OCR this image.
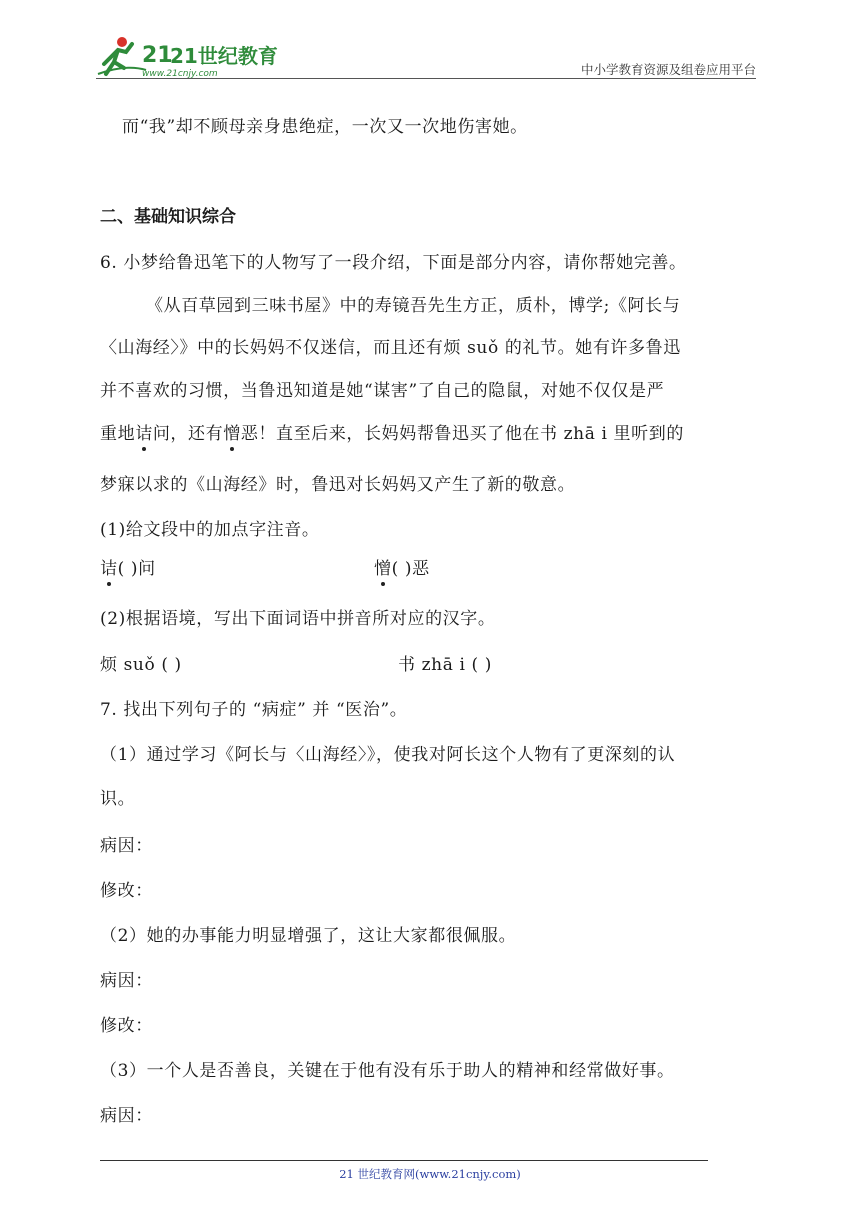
21
www.21cnjy.com
21世纪教育
中小学教育资源及组卷应用平台
而“我”却不顾母亲身患绝症，一次又一次地伤害她。
二、基础知识综合
6. 小梦给鲁迅笔下的人物写了一段介绍，下面是部分内容，请你帮她完善。
《从百草园到三味书屋》中的寿镜吾先生方正，质朴，博学;《阿长与
〈山海经〉》中的长妈妈不仅迷信，而且还有烦 suǒ 的礼节。她有许多鲁迅
并不喜欢的习惯，当鲁迅知道是她“谋害”了自己的隐鼠，对她不仅仅是严
重地诘问，还有憎恶！直至后来，长妈妈帮鲁迅买了他在书 zhā i 里听到的
梦寐以求的《山海经》时，鲁迅对长妈妈又产生了新的敬意。
(1)给文段中的加点字注音。
诘( )问	憎( )恶
(2)根据语境，写出下面词语中拼音所对应的汉字。
烦 suǒ ( )	书 zhā i ( )
7. 找出下列句子的 “病症” 并 “医治”。
（1）通过学习《阿长与〈山海经〉》，使我对阿长这个人物有了更深刻的认
识。
病因：
修改：
（2）她的办事能力明显增强了，这让大家都很佩服。
病因：
修改：
（3）一个人是否善良，关键在于他有没有乐于助人的精神和经常做好事。
病因：
21 世纪教育网(www.21cnjy.com)
